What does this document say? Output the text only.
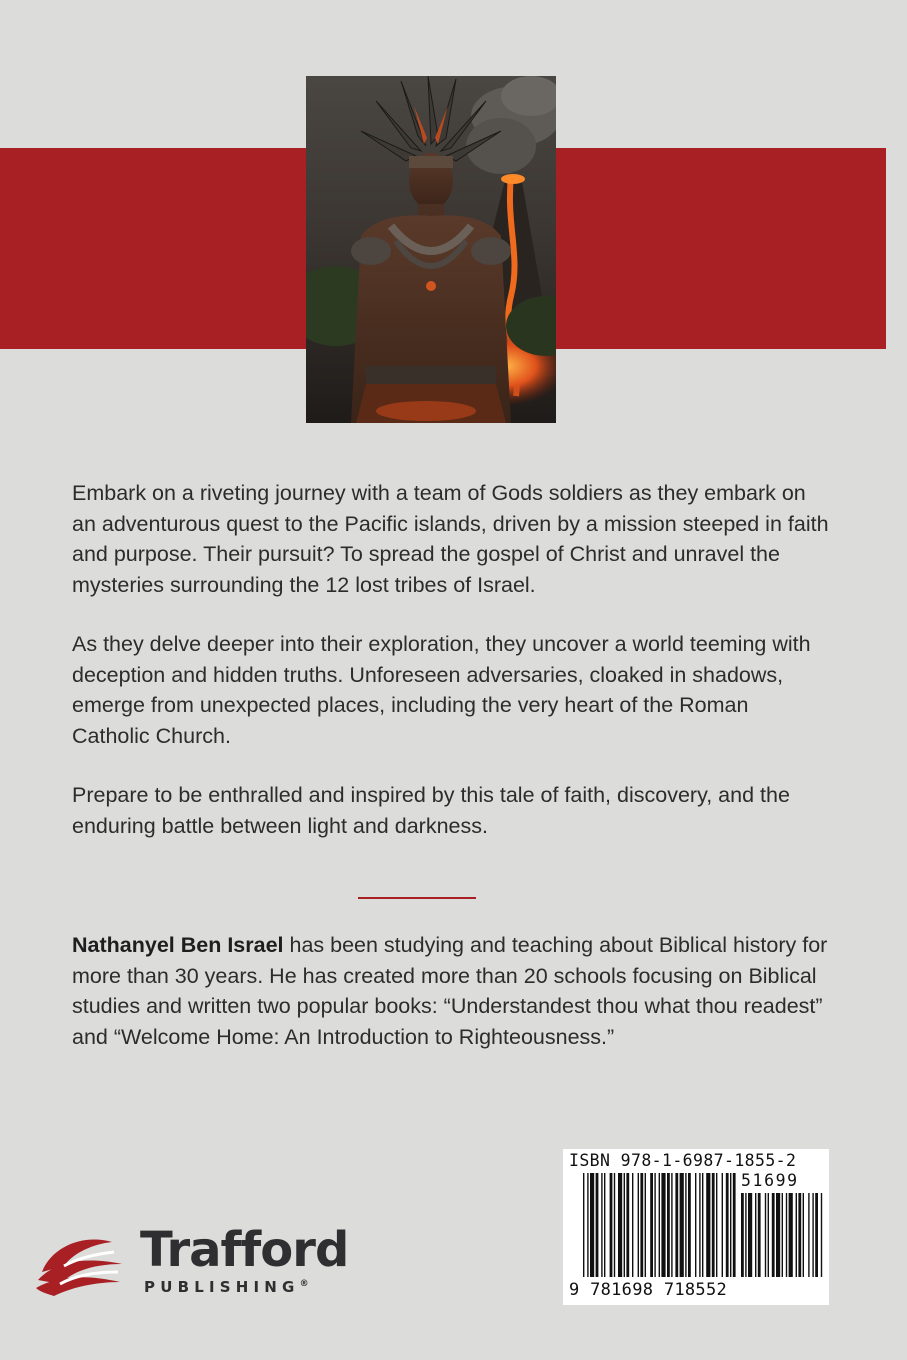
Embark on a riveting journey with a team of Gods soldiers as they embark on an adventurous quest to the Pacific islands, driven by a mission steeped in faith and purpose. Their pursuit? To spread the gospel of Christ and unravel the mysteries surrounding the 12 lost tribes of Israel.

As they delve deeper into their exploration, they uncover a world teeming with deception and hidden truths. Unforeseen adversaries, cloaked in shadows, emerge from unexpected places, including the very heart of the Roman Catholic Church.

Prepare to be enthralled and inspired by this tale of faith, discovery, and the enduring battle between light and darkness.

Nathanyel Ben Israel has been studying and teaching about Biblical history for more than 30 years. He has created more than 20 schools focusing on Biblical studies and written two popular books: “Understandest thou what thou readest” and “Welcome Home: An Introduction to Righteousness.”

Trafford
PUBLISHING®
ISBN 978-1-6987-1855-2
51699
9 781698 718552
